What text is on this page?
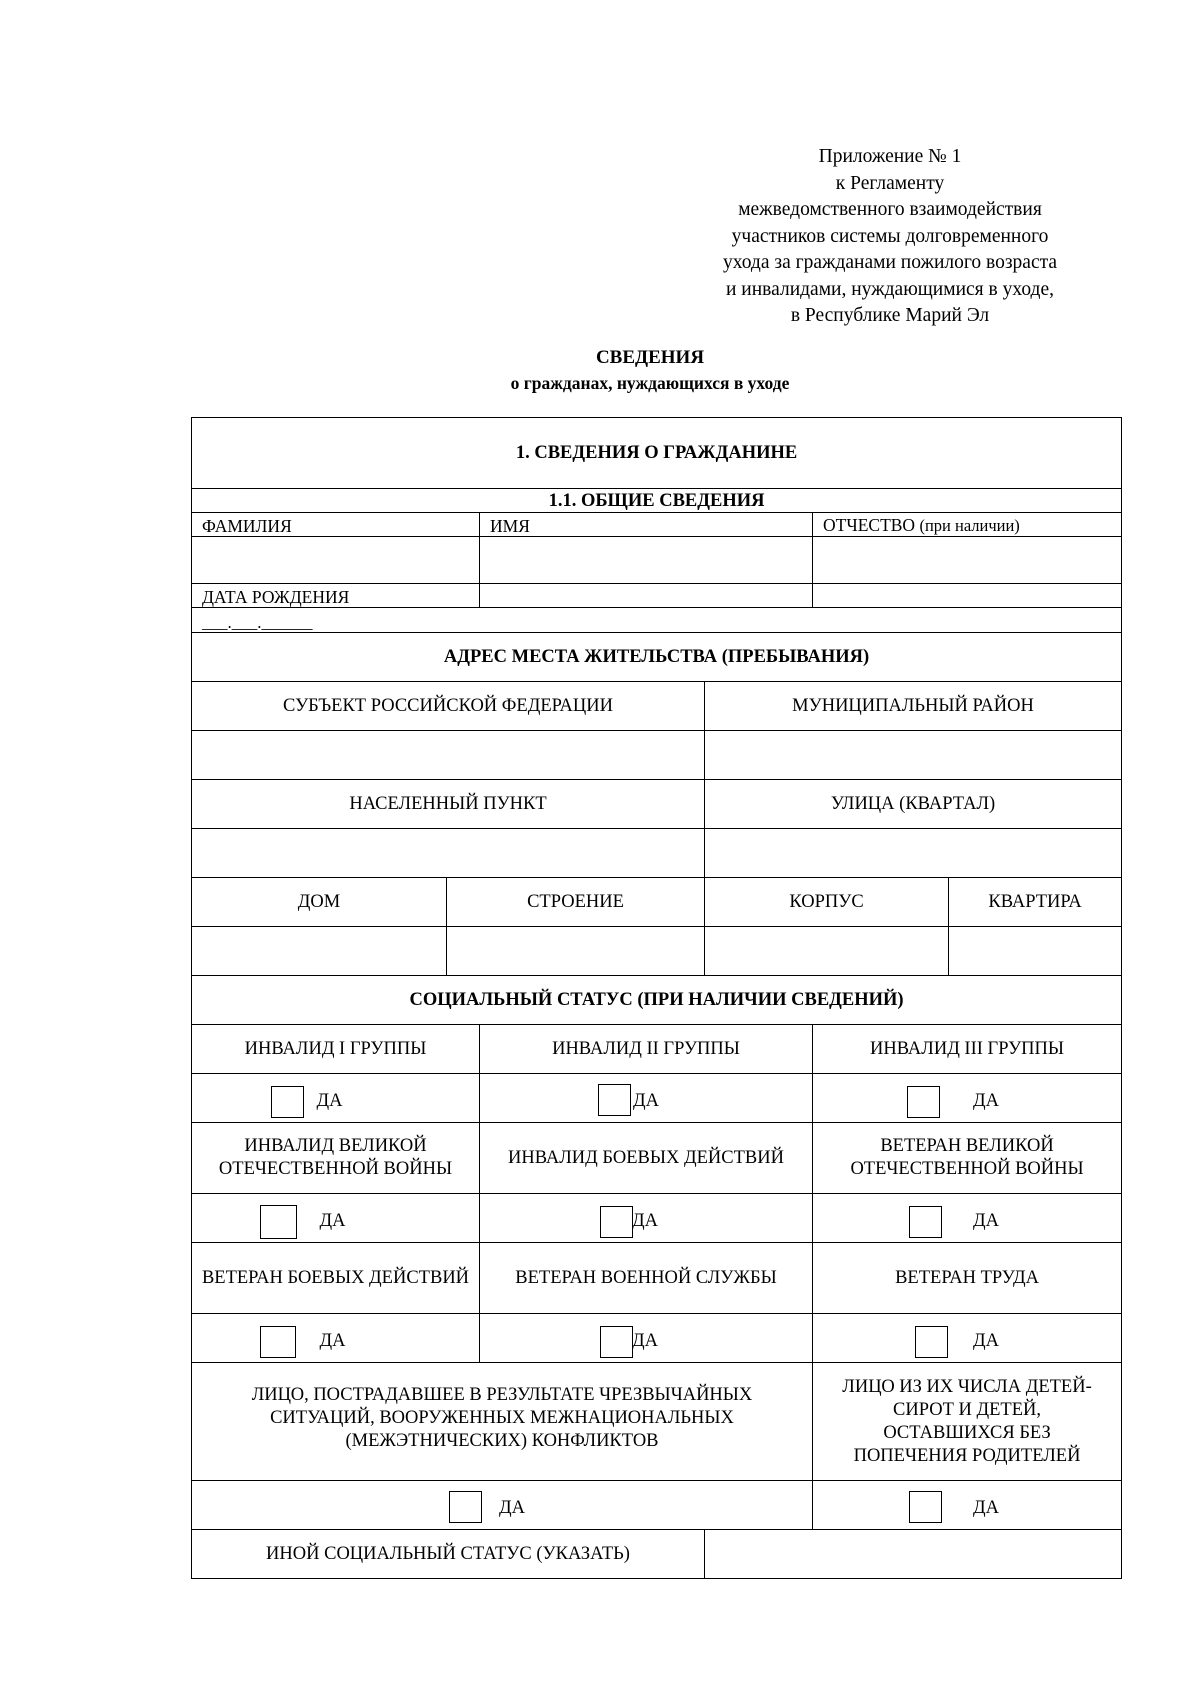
Приложение № 1
к Регламенту
межведомственного взаимодействия
участников системы долговременного
ухода за гражданами пожилого возраста
и инвалидами, нуждающимися в уходе,
в Республике Марий Эл
СВЕДЕНИЯ
о гражданах, нуждающихся в уходе
1. СВЕДЕНИЯ О ГРАЖДАНИНЕ					
1.1. ОБЩИЕ СВЕДЕНИЯ					
ФАМИЛИЯ		ИМЯ		ОТЧЕСТВО (при наличии)	

ДАТА РОЖДЕНИЯ					
___.___.______					
АДРЕС МЕСТА ЖИТЕЛЬСТВА (ПРЕБЫВАНИЯ)					
СУБЪЕКТ РОССИЙСКОЙ ФЕДЕРАЦИИ			МУНИЦИПАЛЬНЫЙ РАЙОН		

НАСЕЛЕННЫЙ ПУНКТ			УЛИЦА (КВАРТАЛ)		

ДОМ	СТРОЕНИЕ		КОРПУС		КВАРТИРА

СОЦИАЛЬНЫЙ СТАТУС (ПРИ НАЛИЧИИ СВЕДЕНИЙ)					
ИНВАЛИД I ГРУППЫ		ИНВАЛИД II ГРУППЫ		ИНВАЛИД III ГРУППЫ	

ДА		ДА		ДА	

ИНВАЛИД ВЕЛИКОЙ ОТЕЧЕСТВЕННОЙ ВОЙНЫ		ИНВАЛИД БОЕВЫХ ДЕЙСТВИЙ		ВЕТЕРАН ВЕЛИКОЙ ОТЕЧЕСТВЕННОЙ ВОЙНЫ	

ДА		ДА		ДА	

ВЕТЕРАН БОЕВЫХ ДЕЙСТВИЙ		ВЕТЕРАН ВОЕННОЙ СЛУЖБЫ		ВЕТЕРАН ТРУДА	

ДА		ДА		ДА	

ЛИЦО, ПОСТРАДАВШЕЕ В РЕЗУЛЬТАТЕ ЧРЕЗВЫЧАЙНЫХ СИТУАЦИЙ, ВООРУЖЕННЫХ МЕЖНАЦИОНАЛЬНЫХ (МЕЖЭТНИЧЕСКИХ) КОНФЛИКТОВ				ЛИЦО ИЗ ИХ ЧИСЛА ДЕТЕЙ-СИРОТ И ДЕТЕЙ, ОСТАВШИХСЯ БЕЗ ПОПЕЧЕНИЯ РОДИТЕЛЕЙ	

ДА				ДА	

ИНОЙ СОЦИАЛЬНЫЙ СТАТУС (УКАЗАТЬ)					
